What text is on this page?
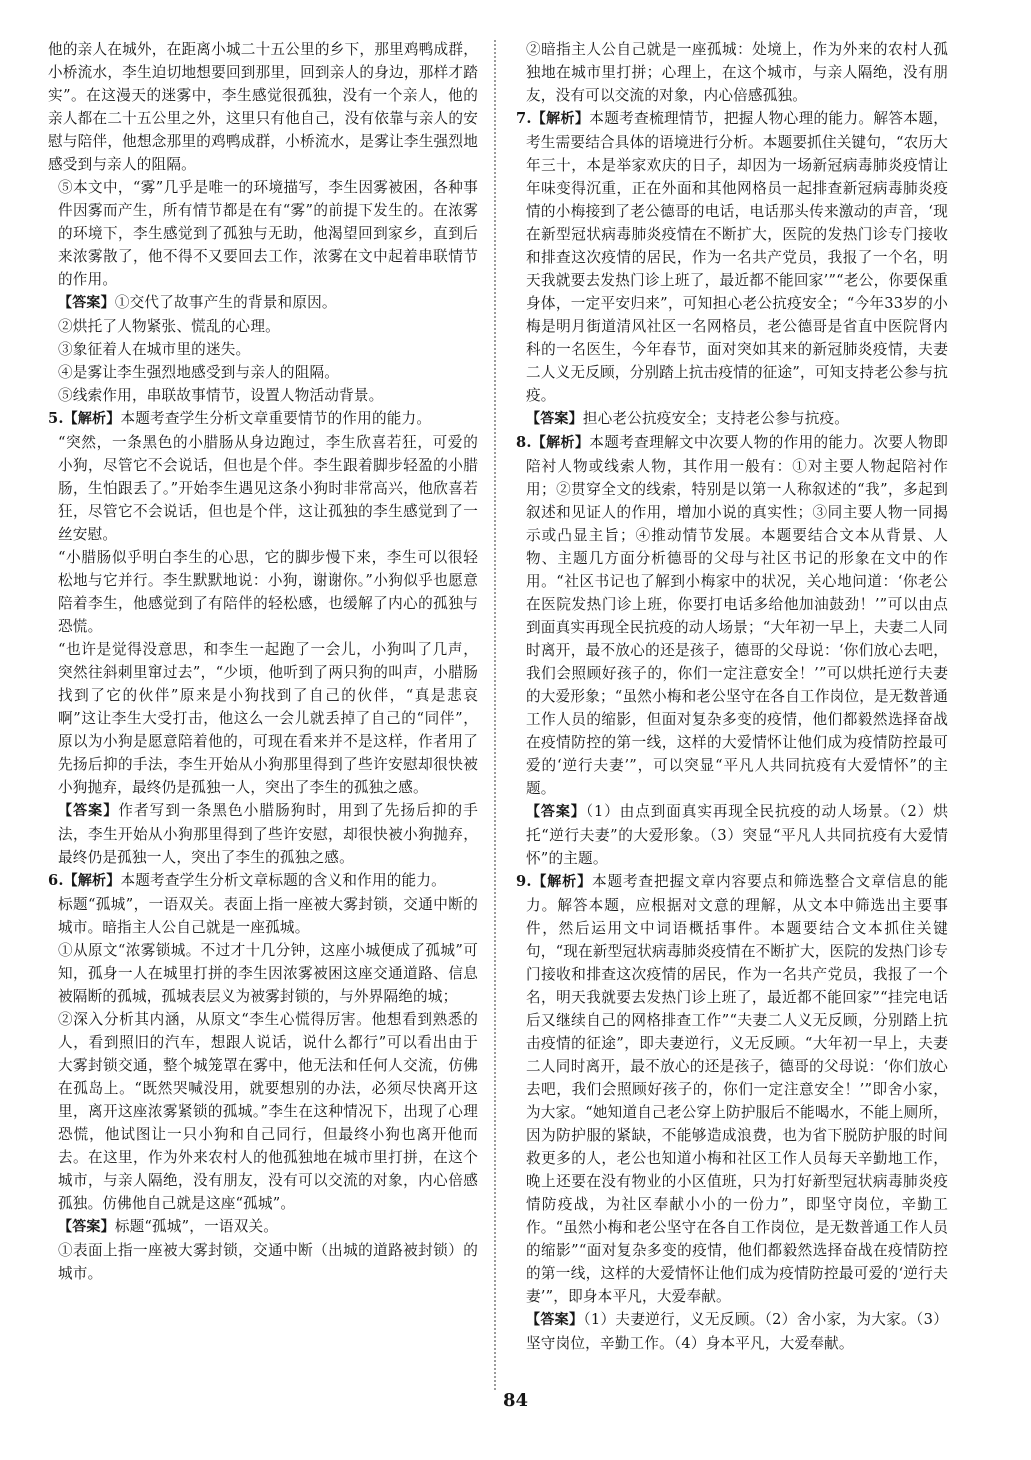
他的亲人在城外，在距离小城二十五公里的乡下，那里鸡鸭成群，小桥流水，李生迫切地想要回到那里，回到亲人的身边，那样才踏实”。在这漫天的迷雾中，李生感觉很孤独，没有一个亲人，他的亲人都在二十五公里之外，这里只有他自己，没有依靠与亲人的安慰与陪伴，他想念那里的鸡鸭成群，小桥流水，是雾让李生强烈地感受到与亲人的阻隔。

⑤本文中，“雾”几乎是唯一的环境描写，李生因雾被困，各种事件因雾而产生，所有情节都是在有“雾”的前提下发生的。在浓雾的环境下，李生感觉到了孤独与无助，他渴望回到家乡，直到后来浓雾散了，他不得不又要回去工作，浓雾在文中起着串联情节的作用。

【答案】①交代了故事产生的背景和原因。

②烘托了人物紧张、慌乱的心理。

③象征着人在城市里的迷失。

④是雾让李生强烈地感受到与亲人的阻隔。

⑤线索作用，串联故事情节，设置人物活动背景。

5.【解析】本题考查学生分析文章重要情节的作用的能力。

“突然，一条黑色的小腊肠从身边跑过，李生欣喜若狂，可爱的小狗，尽管它不会说话，但也是个伴。李生跟着脚步轻盈的小腊肠，生怕跟丢了。”开始李生遇见这条小狗时非常高兴，他欣喜若狂，尽管它不会说话，但也是个伴，这让孤独的李生感觉到了一丝安慰。

“小腊肠似乎明白李生的心思，它的脚步慢下来，李生可以很轻松地与它并行。李生默默地说：小狗，谢谢你。”小狗似乎也愿意陪着李生，他感觉到了有陪伴的轻松感，也缓解了内心的孤独与恐慌。

“也许是觉得没意思，和李生一起跑了一会儿，小狗叫了几声，突然往斜刺里窜过去”，“少顷，他听到了两只狗的叫声，小腊肠找到了它的伙伴”原来是小狗找到了自己的伙伴，“真是悲哀啊”这让李生大受打击，他这么一会儿就丢掉了自己的“同伴”，原以为小狗是愿意陪着他的，可现在看来并不是这样，作者用了先扬后抑的手法，李生开始从小狗那里得到了些许安慰却很快被小狗抛弃，最终仍是孤独一人，突出了李生的孤独之感。

【答案】作者写到一条黑色小腊肠狗时，用到了先扬后抑的手法，李生开始从小狗那里得到了些许安慰，却很快被小狗抛弃，最终仍是孤独一人，突出了李生的孤独之感。

6.【解析】本题考查学生分析文章标题的含义和作用的能力。

标题“孤城”，一语双关。表面上指一座被大雾封锁，交通中断的城市。暗指主人公自己就是一座孤城。

①从原文“浓雾锁城。不过才十几分钟，这座小城便成了孤城”可知，孤身一人在城里打拼的李生因浓雾被困这座交通道路、信息被隔断的孤城，孤城表层义为被雾封锁的，与外界隔绝的城；

②深入分析其内涵，从原文“李生心慌得厉害。他想看到熟悉的人，看到照旧的汽车，想跟人说话，说什么都行”可以看出由于大雾封锁交通，整个城笼罩在雾中，他无法和任何人交流，仿佛在孤岛上。“既然哭喊没用，就要想别的办法，必须尽快离开这里，离开这座浓雾紧锁的孤城。”李生在这种情况下，出现了心理恐慌，他试图让一只小狗和自己同行，但最终小狗也离开他而去。在这里，作为外来农村人的他孤独地在城市里打拼，在这个城市，与亲人隔绝，没有朋友，没有可以交流的对象，内心倍感孤独。仿佛他自己就是这座“孤城”。

【答案】标题“孤城”，一语双关。

①表面上指一座被大雾封锁，交通中断（出城的道路被封锁）的城市。

②暗指主人公自己就是一座孤城：处境上，作为外来的农村人孤独地在城市里打拼；心理上，在这个城市，与亲人隔绝，没有朋友，没有可以交流的对象，内心倍感孤独。

7.【解析】本题考查梳理情节，把握人物心理的能力。解答本题，考生需要结合具体的语境进行分析。本题要抓住关键句，“农历大年三十，本是举家欢庆的日子，却因为一场新冠病毒肺炎疫情让年味变得沉重，正在外面和其他网格员一起排查新冠病毒肺炎疫情的小梅接到了老公德哥的电话，电话那头传来激动的声音，‘现在新型冠状病毒肺炎疫情在不断扩大，医院的发热门诊专门接收和排查这次疫情的居民，作为一名共产党员，我报了一个名，明天我就要去发热门诊上班了，最近都不能回家’”“老公，你要保重身体，一定平安归来”，可知担心老公抗疫安全；“今年33岁的小梅是明月街道清风社区一名网格员，老公德哥是省直中医院肾内科的一名医生，今年春节，面对突如其来的新冠肺炎疫情，夫妻二人义无反顾，分别踏上抗击疫情的征途”，可知支持老公参与抗疫。

【答案】担心老公抗疫安全；支持老公参与抗疫。

8.【解析】本题考查理解文中次要人物的作用的能力。次要人物即陪衬人物或线索人物，其作用一般有：①对主要人物起陪衬作用；②贯穿全文的线索，特别是以第一人称叙述的“我”，多起到叙述和见证人的作用，增加小说的真实性；③同主要人物一同揭示或凸显主旨；④推动情节发展。本题要结合文本从背景、人物、主题几方面分析德哥的父母与社区书记的形象在文中的作用。“社区书记也了解到小梅家中的状况，关心地问道：‘你老公在医院发热门诊上班，你要打电话多给他加油鼓劲！’”可以由点到面真实再现全民抗疫的动人场景；“大年初一早上，夫妻二人同时离开，最不放心的还是孩子，德哥的父母说：‘你们放心去吧，我们会照顾好孩子的，你们一定注意安全！’”可以烘托逆行夫妻的大爱形象；“虽然小梅和老公坚守在各自工作岗位，是无数普通工作人员的缩影，但面对复杂多变的疫情，他们都毅然选择奋战在疫情防控的第一线，这样的大爱情怀让他们成为疫情防控最可爱的‘逆行夫妻’”，可以突显“平凡人共同抗疫有大爱情怀”的主题。

【答案】（1）由点到面真实再现全民抗疫的动人场景。（2）烘托“逆行夫妻”的大爱形象。（3）突显“平凡人共同抗疫有大爱情怀”的主题。

9.【解析】本题考查把握文章内容要点和筛选整合文章信息的能力。解答本题，应根据对文意的理解，从文本中筛选出主要事件，然后运用文中词语概括事件。本题要结合文本抓住关键句，“现在新型冠状病毒肺炎疫情在不断扩大，医院的发热门诊专门接收和排查这次疫情的居民，作为一名共产党员，我报了一个名，明天我就要去发热门诊上班了，最近都不能回家”“挂完电话后又继续自己的网格排查工作”“夫妻二人义无反顾，分别踏上抗击疫情的征途”，即夫妻逆行，义无反顾。“大年初一早上，夫妻二人同时离开，最不放心的还是孩子，德哥的父母说：‘你们放心去吧，我们会照顾好孩子的，你们一定注意安全！’”即舍小家，为大家。“她知道自己老公穿上防护服后不能喝水，不能上厕所，因为防护服的紧缺，不能够造成浪费，也为省下脱防护服的时间救更多的人，老公也知道小梅和社区工作人员每天辛勤地工作，晚上还要在没有物业的小区值班，只为打好新型冠状病毒肺炎疫情防疫战，为社区奉献小小的一份力”，即坚守岗位，辛勤工作。“虽然小梅和老公坚守在各自工作岗位，是无数普通工作人员的缩影”“面对复杂多变的疫情，他们都毅然选择奋战在疫情防控的第一线，这样的大爱情怀让他们成为疫情防控最可爱的‘逆行夫妻’”，即身本平凡，大爱奉献。

【答案】（1）夫妻逆行，义无反顾。（2）舍小家，为大家。（3）坚守岗位，辛勤工作。（4）身本平凡，大爱奉献。

84
